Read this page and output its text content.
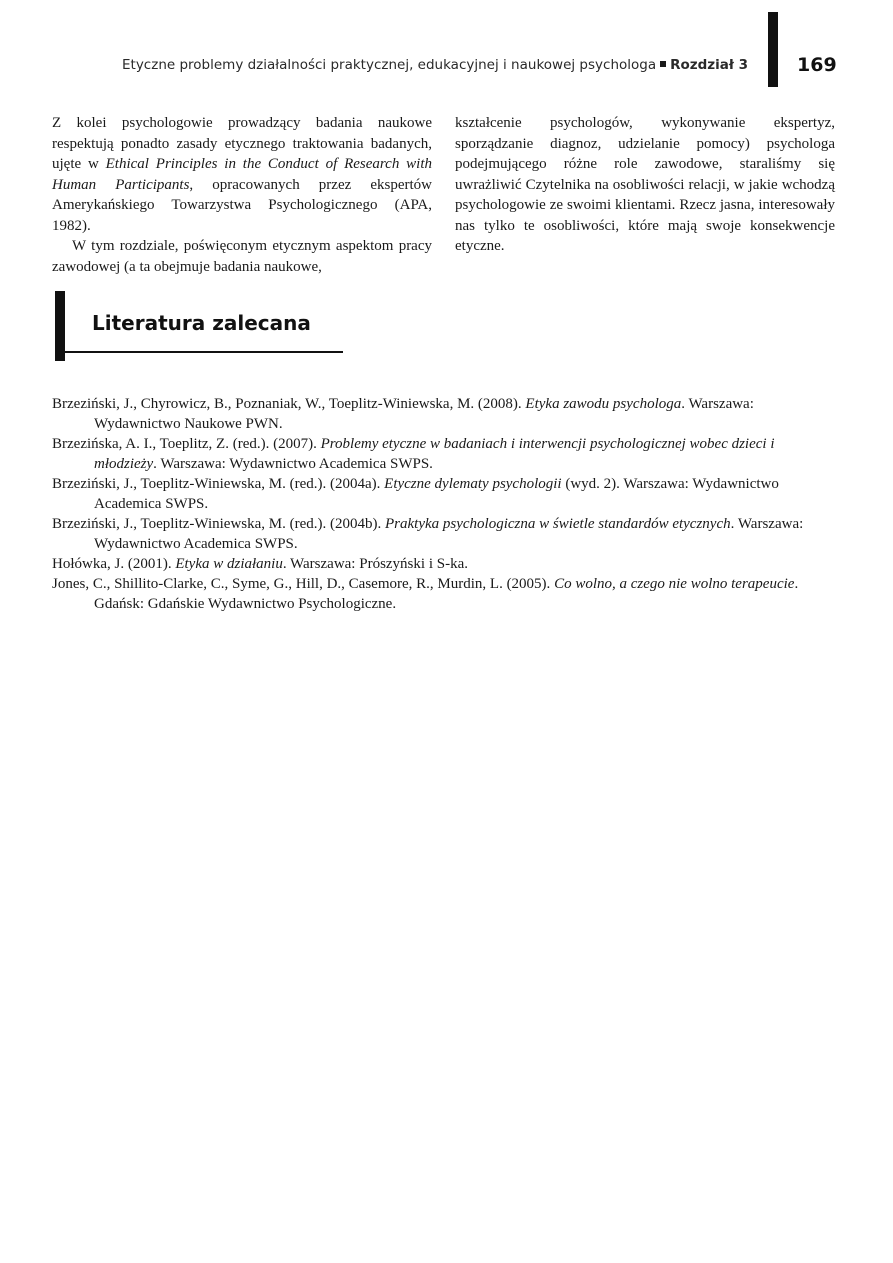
Etyczne problemy działalności praktycznej, edukacyjnej i naukowej psychologa Rozdział 3	169

Z kolei psychologowie prowadzący badania naukowe respektują ponadto zasady etycznego traktowania badanych, ujęte w Ethical Principles in the Conduct of Research with Human Participants, opracowanych przez ekspertów Amerykańskiego Towarzystwa Psychologicznego (APA, 1982).

W tym rozdziale, poświęconym etycznym aspektom pracy zawodowej (a ta obejmuje badania naukowe,

kształcenie psychologów, wykonywanie ekspertyz, sporządzanie diagnoz, udzielanie pomocy) psychologa podejmującego różne role zawodowe, staraliśmy się uwrażliwić Czytelnika na osobliwości relacji, w jakie wchodzą psychologowie ze swoimi klientami. Rzecz jasna, interesowały nas tylko te osobliwości, które mają swoje konsekwencje etyczne.

Literatura zalecana
Brzeziński, J., Chyrowicz, B., Poznaniak, W., Toeplitz-Winiewska, M. (2008). Etyka zawodu psychologa. Warszawa: Wydawnictwo Naukowe PWN.
Brzezińska, A. I., Toeplitz, Z. (red.). (2007). Problemy etyczne w badaniach i interwencji psychologicznej wobec dzieci i młodzieży. Warszawa: Wydawnictwo Academica SWPS.
Brzeziński, J., Toeplitz-Winiewska, M. (red.). (2004a). Etyczne dylematy psychologii (wyd. 2). Warszawa: Wydawnictwo Academica SWPS.
Brzeziński, J., Toeplitz-Winiewska, M. (red.). (2004b). Praktyka psychologiczna w świetle standardów etycznych. Warszawa: Wydawnictwo Academica SWPS.
Hołówka, J. (2001). Etyka w działaniu. Warszawa: Prószyński i S-ka.
Jones, C., Shillito-Clarke, C., Syme, G., Hill, D., Casemore, R., Murdin, L. (2005). Co wolno, a czego nie wolno terapeucie. Gdańsk: Gdańskie Wydawnictwo Psychologiczne.
